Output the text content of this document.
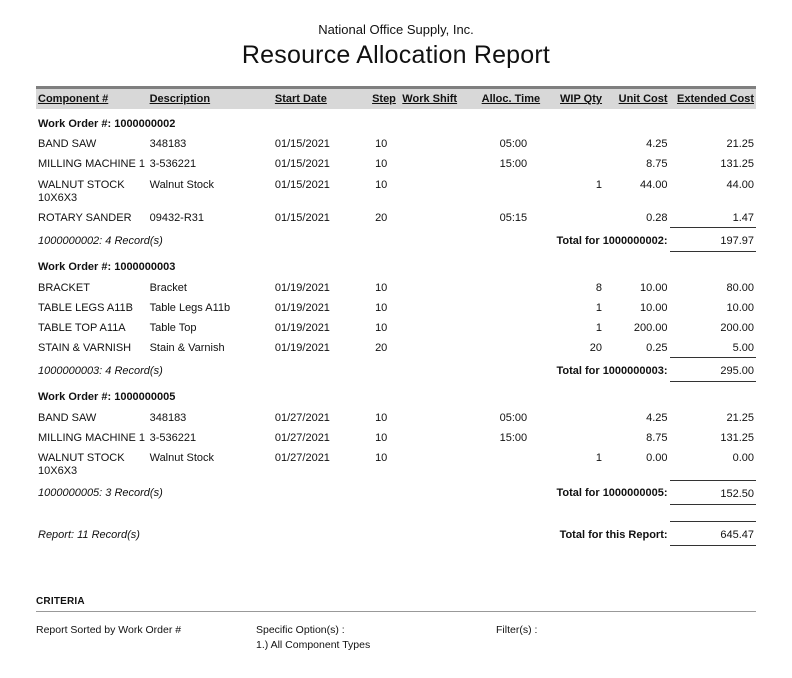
National Office Supply, Inc.
Resource Allocation Report
Component #	Description	Start Date	Step	Work Shift	Alloc. Time	WIP Qty	Unit Cost	Extended Cost
Work Order #: 1000000002								
BAND SAW	348183	01/15/2021	10		05:00		4.25	21.25
MILLING MACHINE 1	3-536221	01/15/2021	10		15:00		8.75	131.25
WALNUT STOCK 10X6X3	Walnut Stock	01/15/2021	10			1	44.00	44.00
ROTARY SANDER	09432-R31	01/15/2021	20		05:15		0.28	1.47
1000000002: 4 Record(s)					Total for 1000000002:			197.97
Work Order #: 1000000003								
BRACKET	Bracket	01/19/2021	10			8	10.00	80.00
TABLE LEGS A11B	Table Legs A11b	01/19/2021	10			1	10.00	10.00
TABLE TOP A11A	Table Top	01/19/2021	10			1	200.00	200.00
STAIN & VARNISH	Stain & Varnish	01/19/2021	20			20	0.25	5.00
1000000003: 4 Record(s)					Total for 1000000003:			295.00
Work Order #: 1000000005								
BAND SAW	348183	01/27/2021	10		05:00		4.25	21.25
MILLING MACHINE 1	3-536221	01/27/2021	10		15:00		8.75	131.25
WALNUT STOCK 10X6X3	Walnut Stock	01/27/2021	10			1	0.00	0.00
1000000005: 3 Record(s)					Total for 1000000005:			152.50

Report: 11 Record(s)					Total for this Report:			645.47
CRITERIA
Report Sorted by Work Order #	Specific Option(s) :
1.) All Component Types
Filter(s) :
